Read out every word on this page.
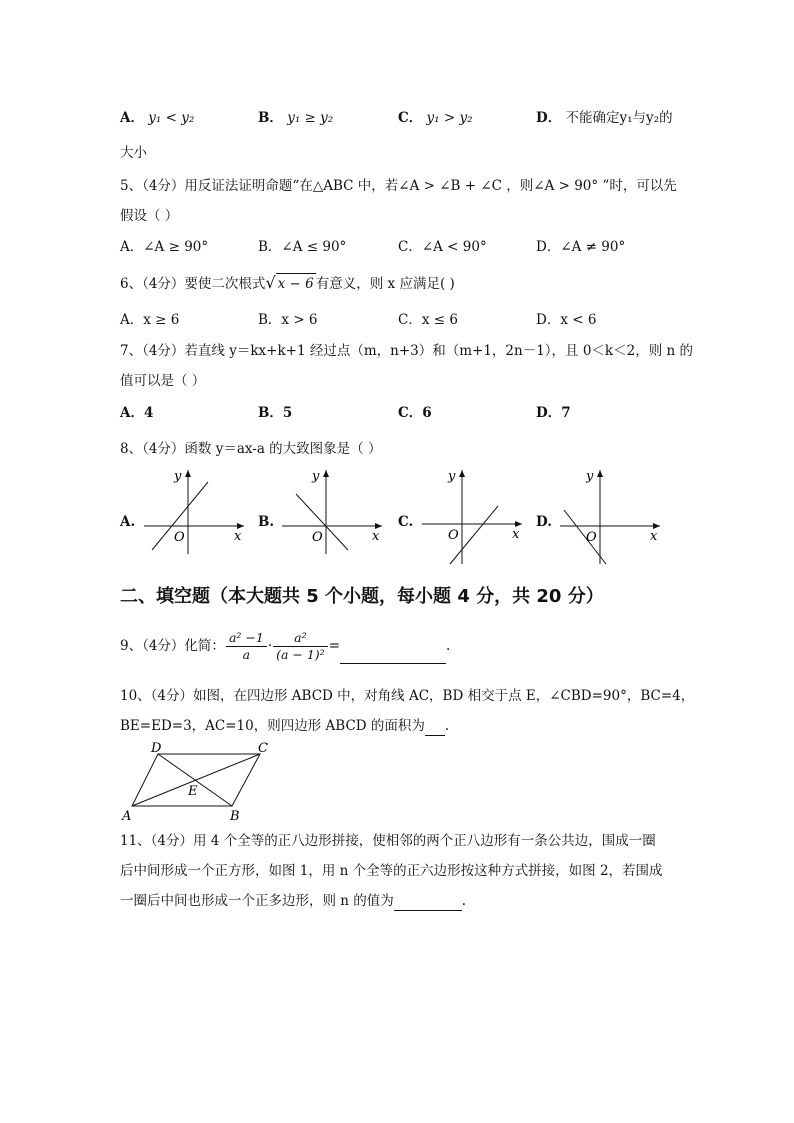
A． y₁ < y₂	B． y₁ ≥ y₂	C． y₁ > y₂	D． 不能确定y₁与y₂的
大小
5、（4分）用反证法证明命题“在△ABC 中，若∠A > ∠B + ∠C ，则∠A > 90° ”时，可以先
假设（ ）
A．∠A ≥ 90°	B．∠A ≤ 90°	C．∠A < 90°	D．∠A ≠ 90°
6、（4分）要使二次根式√ x − 6 有意义，则 x 应满足( )
A．x ≥ 6	B．x > 6	C．x ≤ 6	D．x < 6
7、（4分）若直线 y＝kx+k+1 经过点（m，n+3）和（m+1，2n－1），且 0＜k＜2，则 n 的
值可以是（ ）
A．4	B．5	C．6	D．7
8、（4分）函数 y＝ax-a 的大致图象是（ ）
A.
y
x
O
B.
y
x
O
C.
y
x
O
D.
y
x
O
二、填空题（本大题共 5 个小题，每小题 4 分，共 20 分）
9、（4分）化简： $\frac{\text{a² −1}}{a} \cdot \frac{\text{a²}}{\text{(a − 1)²}}$ =	.
10、（4分）如图，在四边形 ABCD 中，对角线 AC，BD 相交于点 E，∠CBD=90°，BC=4，
BE=ED=3，AC=10，则四边形 ABCD 的面积为 .
D	C
A	B
E
11、（4分）用 4 个全等的正八边形拼接，使相邻的两个正八边形有一条公共边，围成一圈
后中间形成一个正方形，如图 1，用 n 个全等的正六边形按这种方式拼接，如图 2，若围成
一圈后中间也形成一个正多边形，则 n 的值为	.
